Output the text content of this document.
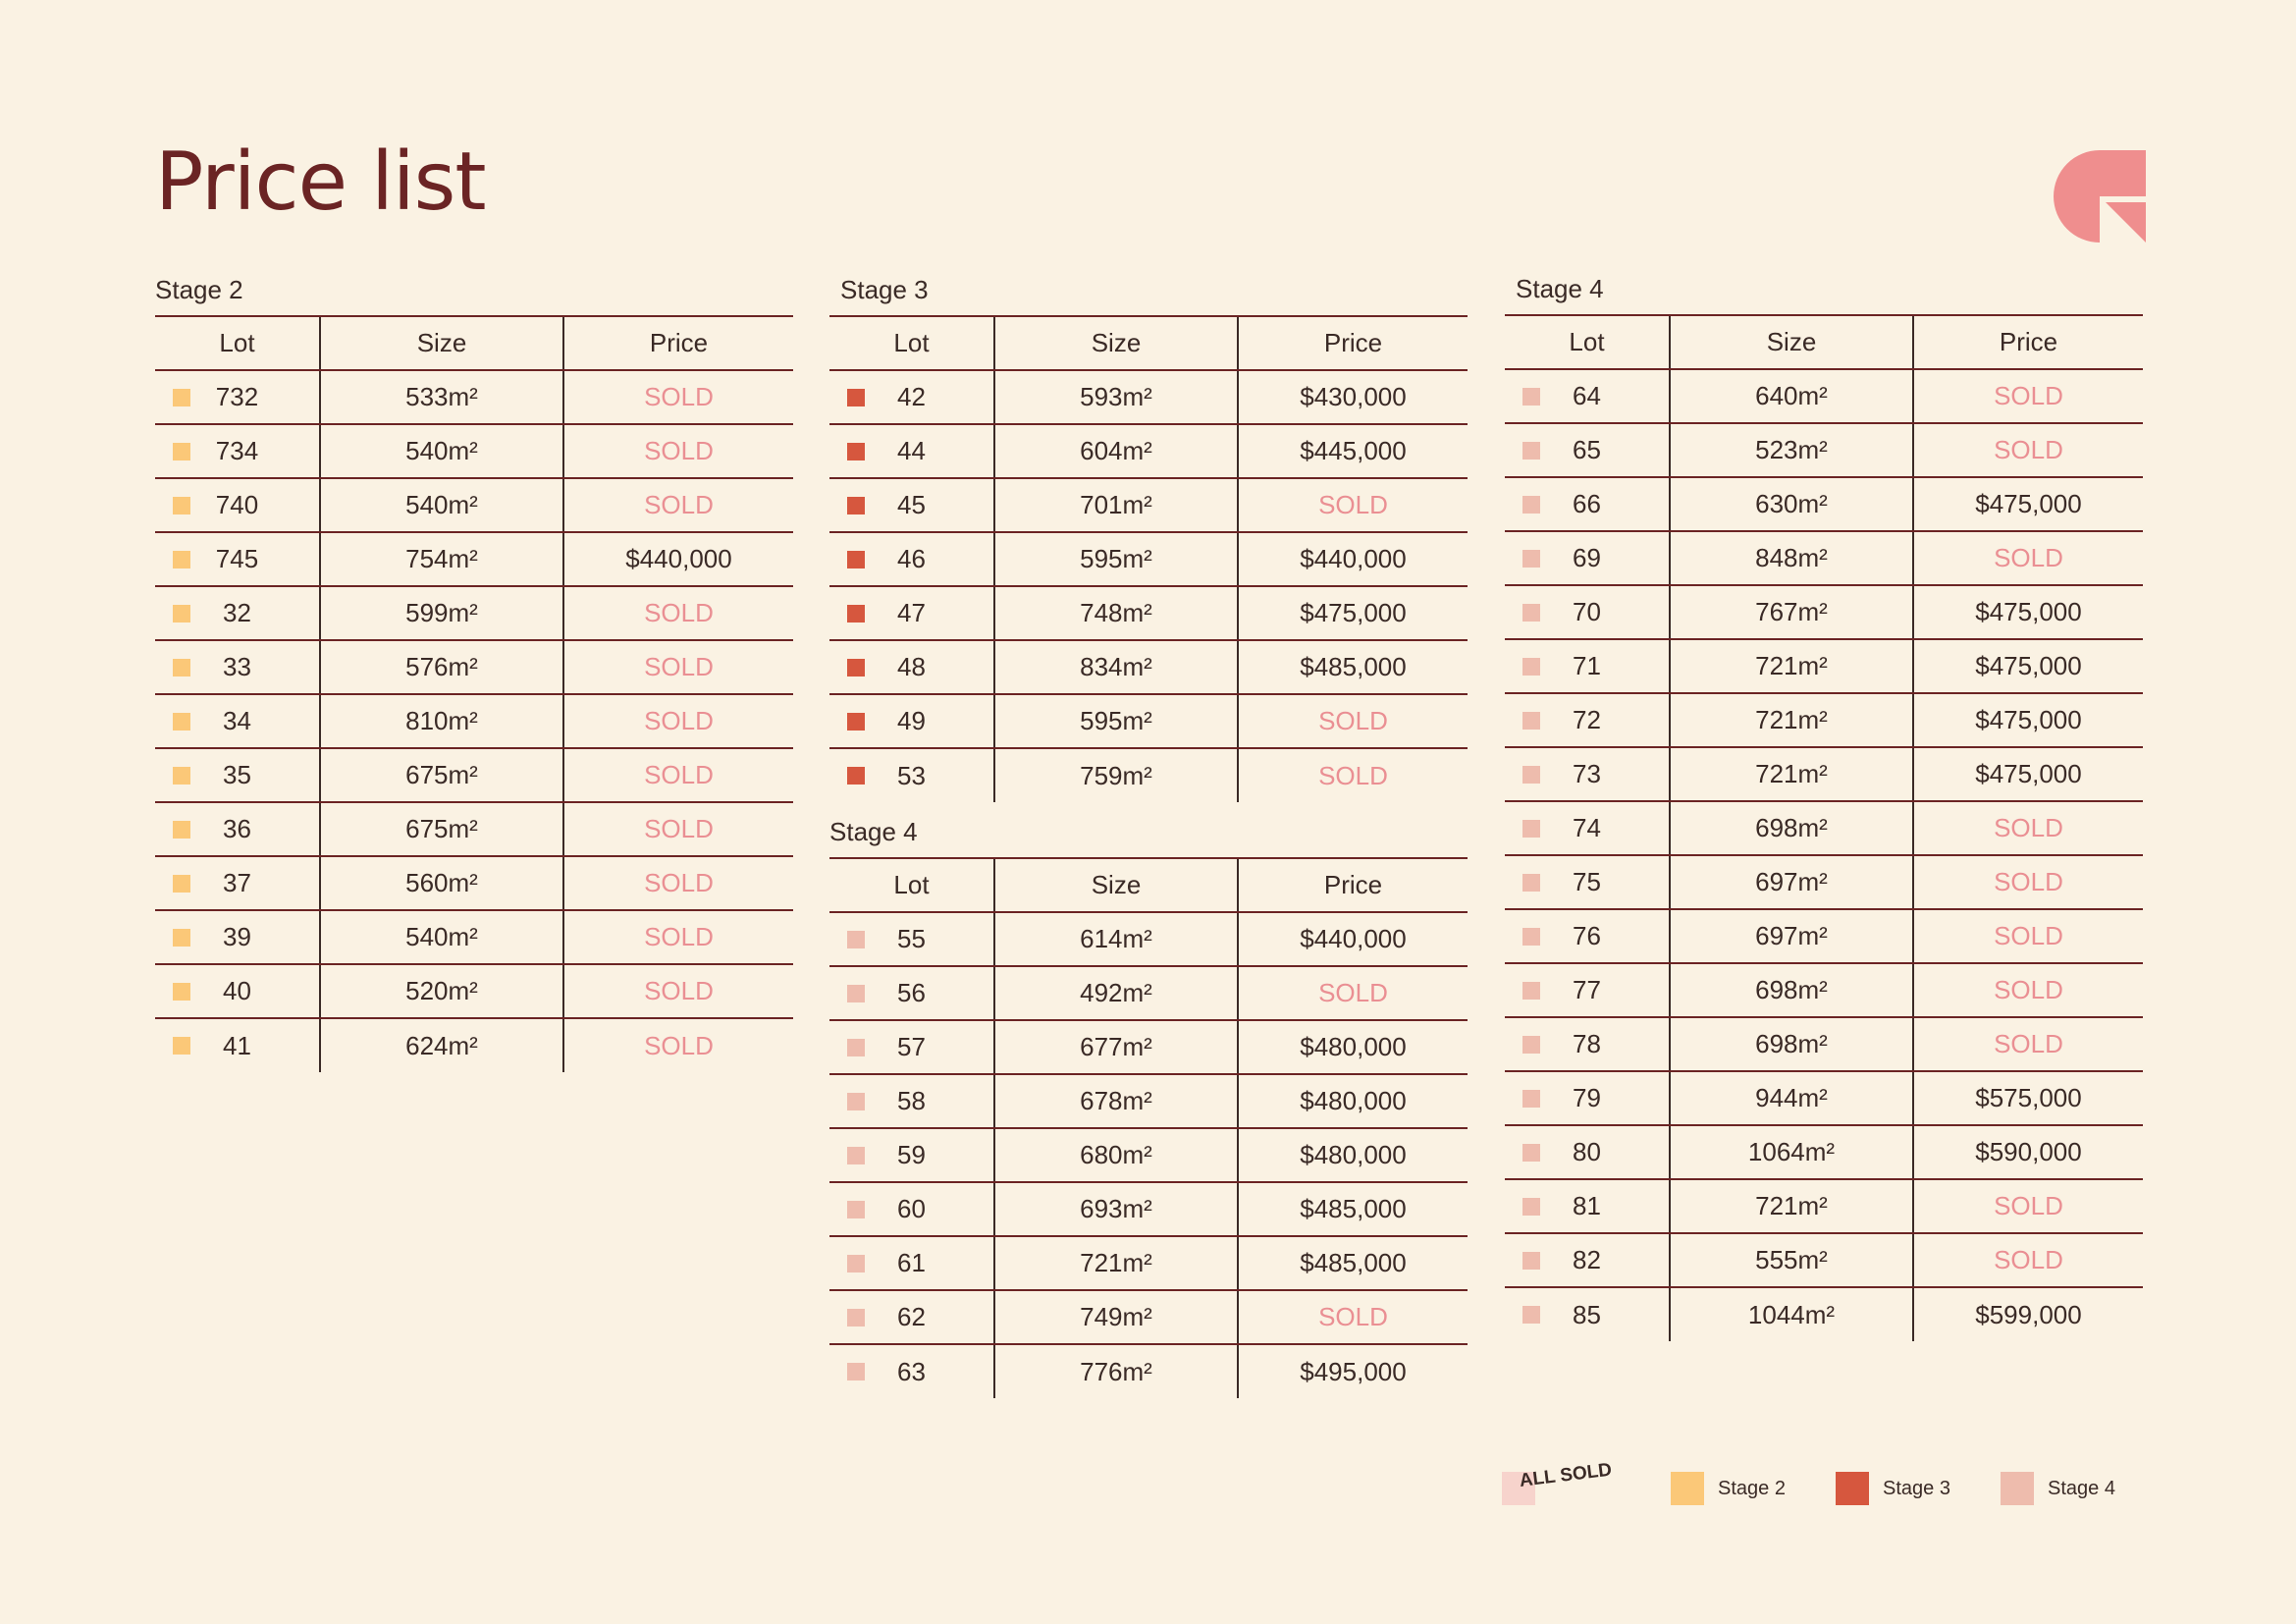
Price list
Stage 2	Stage 3
Stage 4
Stage 4
Lot	Size	Price

732	533m²	SOLD

734	540m²	SOLD

740	540m²	SOLD

745	754m²	$440,000

32	599m²	SOLD

33	576m²	SOLD

34	810m²	SOLD

35	675m²	SOLD

36	675m²	SOLD

37	560m²	SOLD

39	540m²	SOLD

40	520m²	SOLD

41	624m²	SOLD
Lot	Size	Price

42	593m²	$430,000

44	604m²	$445,000

45	701m²	SOLD

46	595m²	$440,000

47	748m²	$475,000

48	834m²	$485,000

49	595m²	SOLD

53	759m²	SOLD
Lot	Size	Price

55	614m²	$440,000

56	492m²	SOLD

57	677m²	$480,000

58	678m²	$480,000

59	680m²	$480,000

60	693m²	$485,000

61	721m²	$485,000

62	749m²	SOLD

63	776m²	$495,000
Lot	Size	Price

64	640m²	SOLD

65	523m²	SOLD

66	630m²	$475,000

69	848m²	SOLD

70	767m²	$475,000

71	721m²	$475,000

72	721m²	$475,000

73	721m²	$475,000

74	698m²	SOLD

75	697m²	SOLD

76	697m²	SOLD

77	698m²	SOLD

78	698m²	SOLD

79	944m²	$575,000

80	1064m²	$590,000

81	721m²	SOLD

82	555m²	SOLD

85	1044m²	$599,000
ALL SOLD	Stage 2	Stage 3	Stage 4
